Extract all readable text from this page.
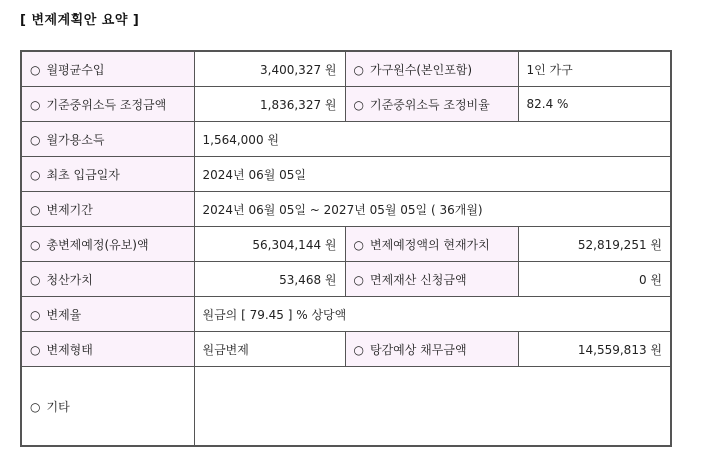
[ 변제계획안 요약 ]
○ 월평균수입	3,400,327 원	○ 가구원수(본인포함)	1인 가구
○ 기준중위소득 조정금액	1,836,327 원	○ 기준중위소득 조정비율	82.4 %
○ 월가용소득	1,564,000 원		
○ 최초 입금일자	2024년 06월 05일		
○ 변제기간	2024년 06월 05일 ~ 2027년 05월 05일 ( 36개월)		
○ 총변제예정(유보)액	56,304,144 원	○ 변제예정액의 현재가치	52,819,251 원
○ 청산가치	53,468 원	○ 면제재산 신청금액	0 원
○ 변제율	원금의 [ 79.45 ] % 상당액		
○ 변제형태	원금변제	○ 탕감예상 채무금액	14,559,813 원
○ 기타			
